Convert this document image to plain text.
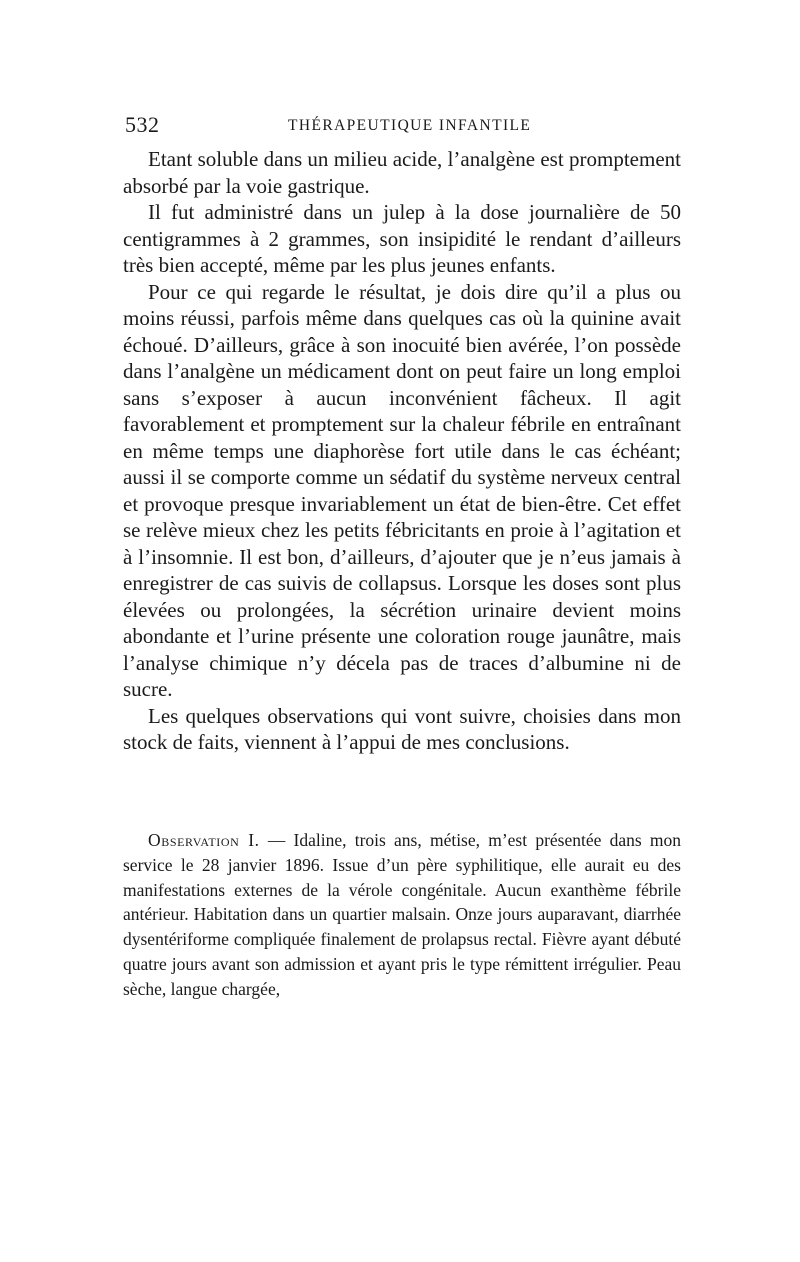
532	THÉRAPEUTIQUE INFANTILE

Etant soluble dans un milieu acide, l’analgène est promptement absorbé par la voie gastrique.

Il fut administré dans un julep à la dose journalière de 50 centigrammes à 2 grammes, son insipidité le rendant d’ailleurs très bien accepté, même par les plus jeunes enfants.

Pour ce qui regarde le résultat, je dois dire qu’il a plus ou moins réussi, parfois même dans quelques cas où la quinine avait échoué. D’ailleurs, grâce à son inocuité bien avérée, l’on possède dans l’analgène un médicament dont on peut faire un long emploi sans s’exposer à aucun inconvénient fâcheux. Il agit favorablement et promptement sur la chaleur fébrile en entraînant en même temps une diaphorèse fort utile dans le cas échéant; aussi il se comporte comme un sédatif du système nerveux central et provoque presque invariablement un état de bien-être. Cet effet se relève mieux chez les petits fébricitants en proie à l’agitation et à l’insomnie. Il est bon, d’ailleurs, d’ajouter que je n’eus jamais à enregistrer de cas suivis de collapsus. Lorsque les doses sont plus élevées ou prolongées, la sécrétion urinaire devient moins abondante et l’urine présente une coloration rouge jaunâtre, mais l’analyse chimique n’y décela pas de traces d’albumine ni de sucre.

Les quelques observations qui vont suivre, choisies dans mon stock de faits, viennent à l’appui de mes conclusions.

Observation I. — Idaline, trois ans, métise, m’est présentée dans mon service le 28 janvier 1896. Issue d’un père syphilitique, elle aurait eu des manifestations externes de la vérole congénitale. Aucun exanthème fébrile antérieur. Habitation dans un quartier malsain. Onze jours auparavant, diarrhée dysentériforme compliquée finalement de prolapsus rectal. Fièvre ayant débuté quatre jours avant son admission et ayant pris le type rémittent irrégulier. Peau sèche, langue chargée,
